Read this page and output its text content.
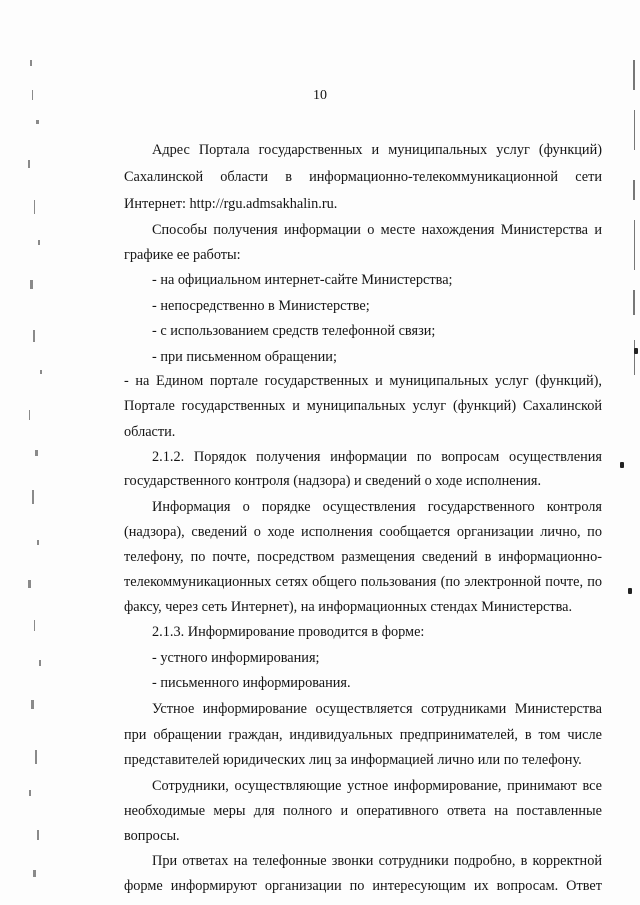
10
Адрес Портала государственных и муниципальных услуг (функций)
Сахалинской области в информационно-телекоммуникационной сети
Интернет: http://rgu.admsakhalin.ru.
Способы получения информации о месте нахождения Министерства и
графике ее работы:
- на официальном интернет-сайте Министерства;
- непосредственно в Министерстве;
- с использованием средств телефонной связи;
- при письменном обращении;
- на Едином портале государственных и муниципальных услуг (функций),
Портале государственных и муниципальных услуг (функций) Сахалинской
области.
2.1.2. Порядок получения информации по вопросам осуществления
государственного контроля (надзора) и сведений о ходе исполнения.
Информация о порядке осуществления государственного контроля
(надзора), сведений о ходе исполнения сообщается организации лично, по
телефону, по почте, посредством размещения сведений в информационно-
телекоммуникационных сетях общего пользования (по электронной почте, по
факсу, через сеть Интернет), на информационных стендах Министерства.
2.1.3. Информирование проводится в форме:
- устного информирования;
- письменного информирования.
Устное информирование осуществляется сотрудниками Министерства
при обращении граждан, индивидуальных предпринимателей, в том числе
представителей юридических лиц за информацией лично или по телефону.
Сотрудники, осуществляющие устное информирование, принимают все
необходимые меры для полного и оперативного ответа на поставленные
вопросы.
При ответах на телефонные звонки сотрудники подробно, в корректной
форме информируют организации по интересующим их вопросам. Ответ
